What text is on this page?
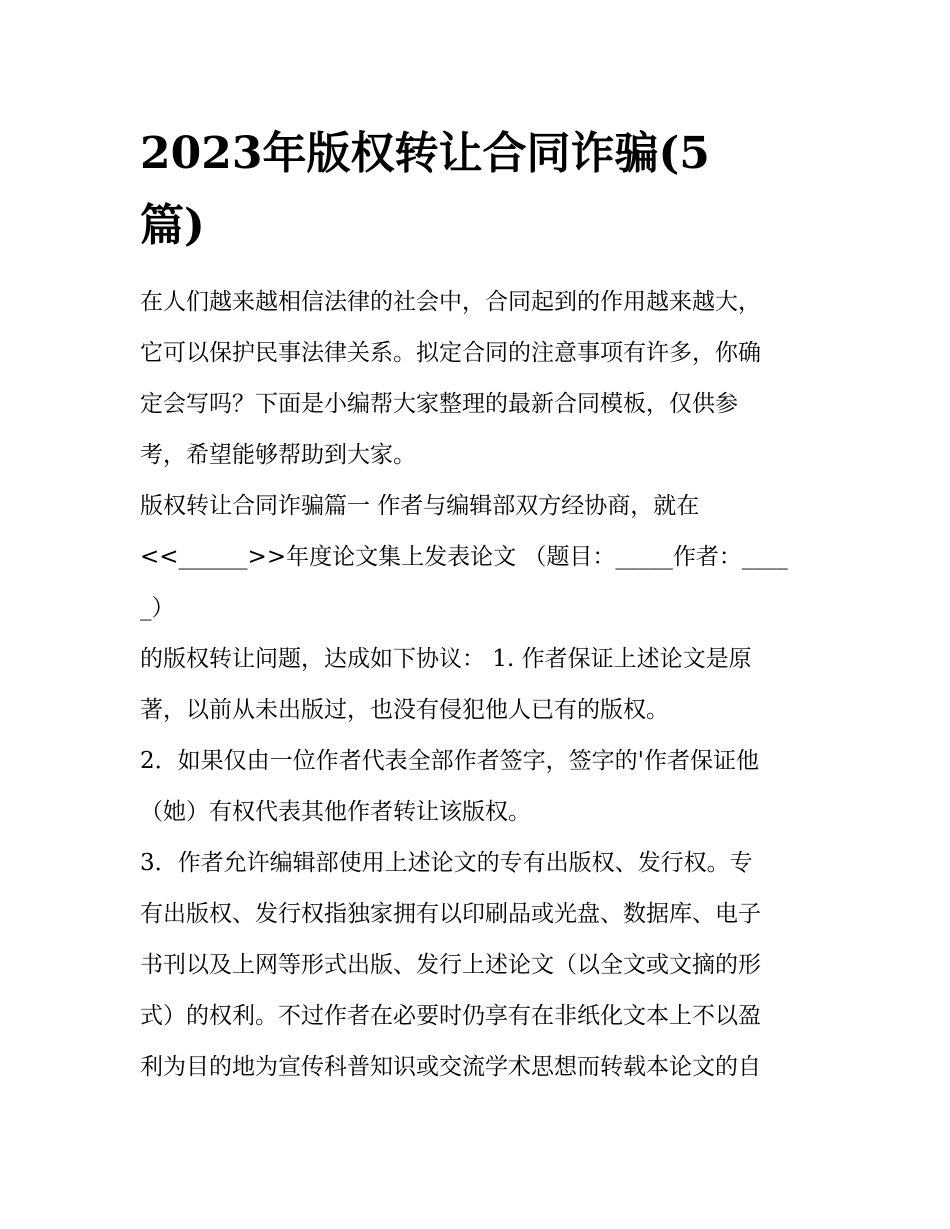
2023年版权转让合同诈骗(5
篇)
在人们越来越相信法律的社会中，合同起到的作用越来越大，
它可以保护民事法律关系。拟定合同的注意事项有许多，你确
定会写吗？下面是小编帮大家整理的最新合同模板，仅供参
考，希望能够帮助到大家。
版权转让合同诈骗篇一 作者与编辑部双方经协商，就在
<<______>>年度论文集上发表论文 （题目：_____作者：____
_）
的版权转让问题，达成如下协议： 1. 作者保证上述论文是原
著，以前从未出版过，也没有侵犯他人已有的版权。
2．如果仅由一位作者代表全部作者签字，签字的'作者保证他
（她）有权代表其他作者转让该版权。
3．作者允许编辑部使用上述论文的专有出版权、发行权。专
有出版权、发行权指独家拥有以印刷品或光盘、数据库、电子
书刊以及上网等形式出版、发行上述论文（以全文或文摘的形
式）的权利。不过作者在必要时仍享有在非纸化文本上不以盈
利为目的地为宣传科普知识或交流学术思想而转载本论文的自
